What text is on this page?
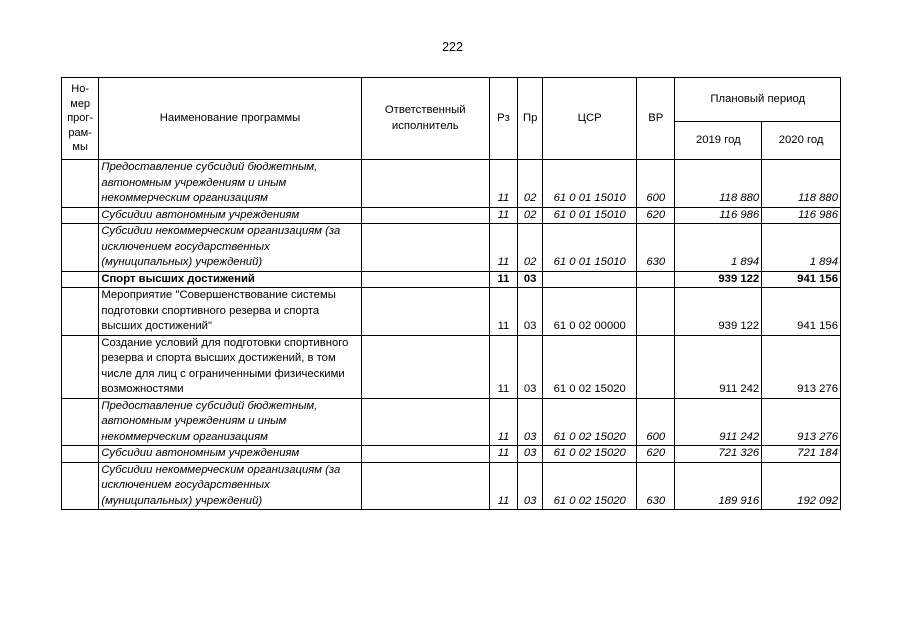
222
Но-
мер
прог-
рам-
мы	Наименование программы	Ответственный исполнитель	Рз	Пр	ЦСР	ВР	Плановый период	
							2019 год	2020 год
	Предоставление субсидий бюджетным, автономным учреждениям и иным некоммерческим организациям		11	02	61 0 01 15010	600	118 880	118 880
	Субсидии автономным учреждениям		11	02	61 0 01 15010	620	116 986	116 986
	Субсидии некоммерческим организациям (за исключением государственных (муниципальных) учреждений)		11	02	61 0 01 15010	630	1 894	1 894
	Спорт высших достижений		11	03			939 122	941 156
	Мероприятие "Совершенствование системы подготовки спортивного резерва и спорта высших достижений"		11	03	61 0 02 00000		939 122	941 156
	Создание условий для подготовки спортивного резерва и спорта высших достижений, в том числе для лиц с ограниченными физическими возможностями		11	03	61 0 02 15020		911 242	913 276
	Предоставление субсидий бюджетным, автономным учреждениям и иным некоммерческим организациям		11	03	61 0 02 15020	600	911 242	913 276
	Субсидии автономным учреждениям		11	03	61 0 02 15020	620	721 326	721 184
	Субсидии некоммерческим организациям (за исключением государственных (муниципальных) учреждений)		11	03	61 0 02 15020	630	189 916	192 092
